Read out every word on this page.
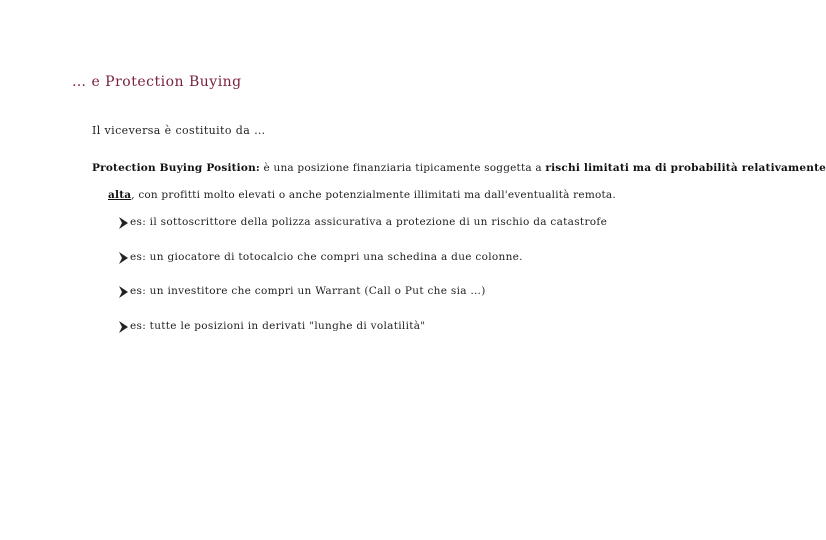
… e Protection Buying
Il viceversa è costituito da …
Protection Buying Position: è una posizione finanziaria tipicamente soggetta a rischi limitati ma di probabilità relativamente
alta, con profitti molto elevati o anche potenzialmente illimitati ma dall'eventualità remota.
es: il sottoscrittore della polizza assicurativa a protezione di un rischio da catastrofe
es: un giocatore di totocalcio che compri una schedina a due colonne.
es: un investitore che compri un Warrant (Call o Put che sia …)
es: tutte le posizioni in derivati "lunghe di volatilità"
